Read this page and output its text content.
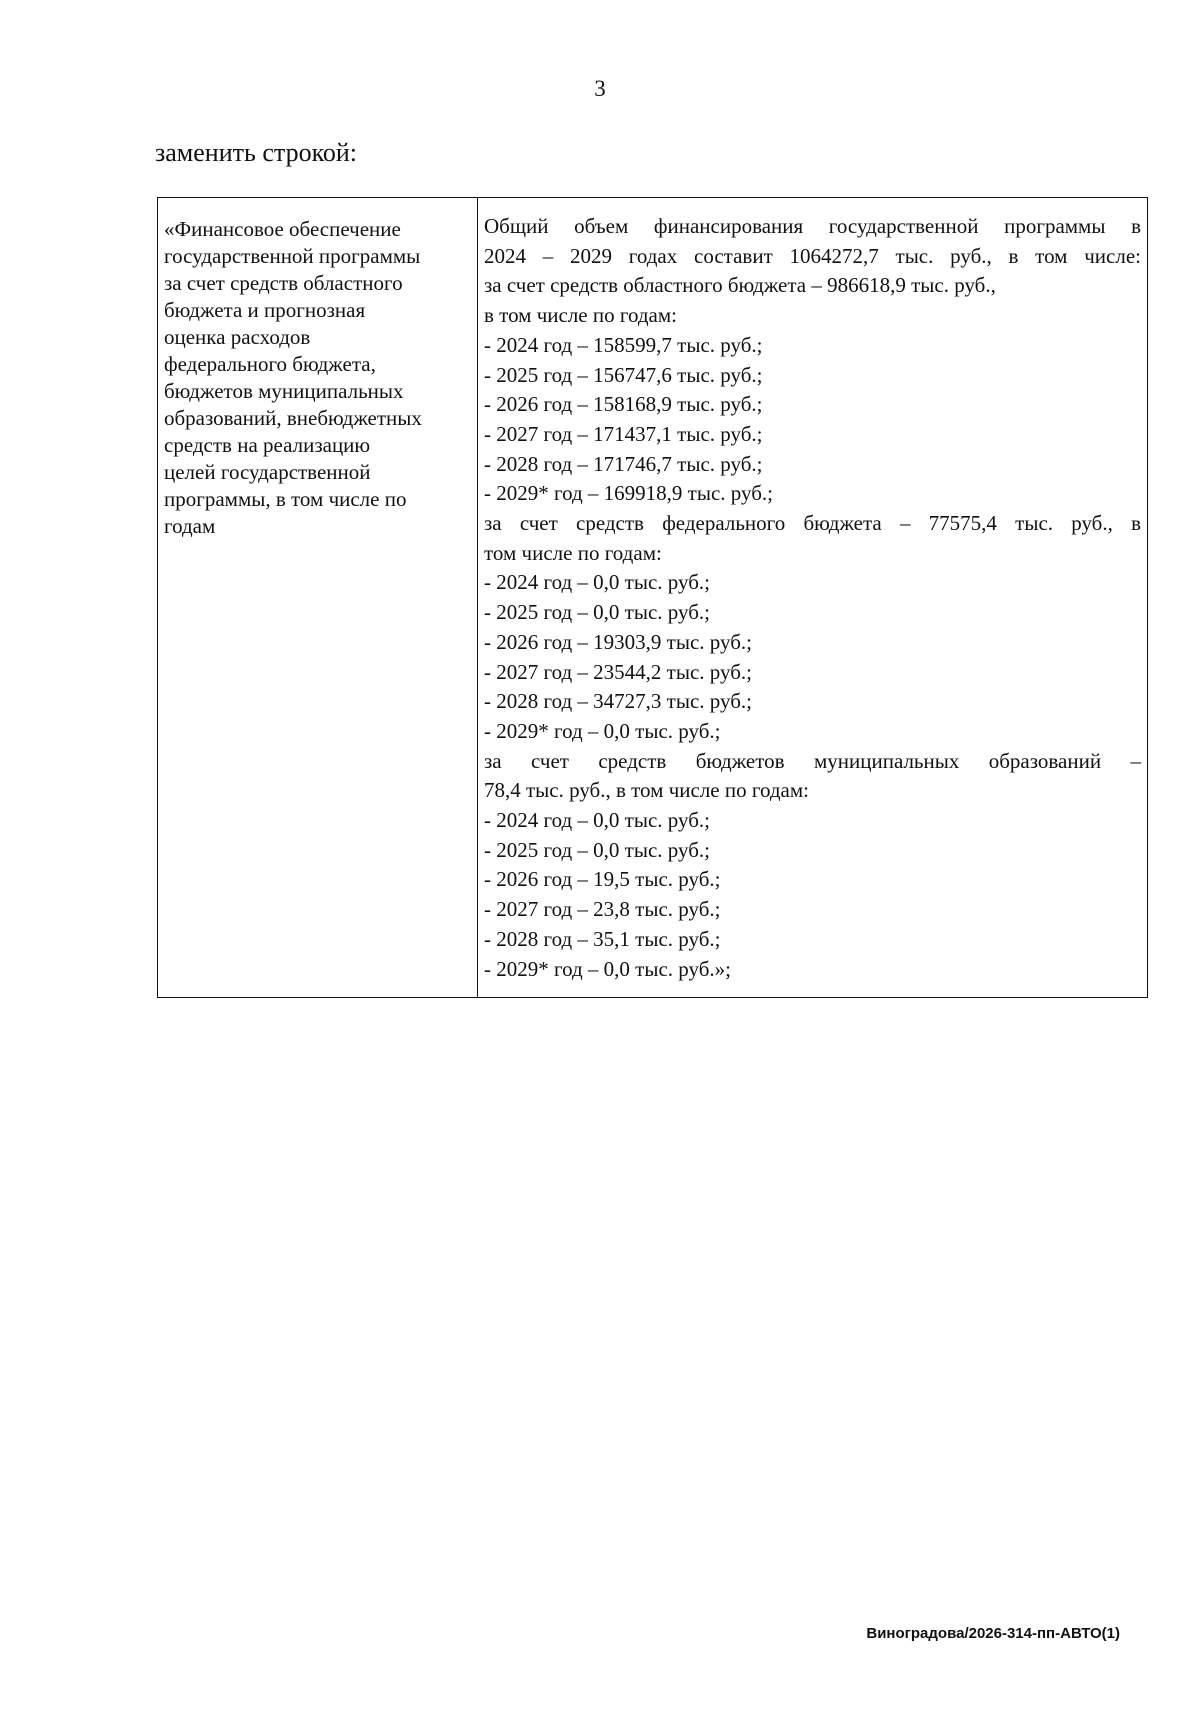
3
заменить строкой:
«Финансовое обеспечение
государственной программы
за счет средств областного
бюджета и прогнозная
оценка расходов
федерального бюджета,
бюджетов муниципальных
образований, внебюджетных
средств на реализацию
целей государственной
программы, в том числе по
годам
Общий объем финансирования государственной программы в
2024 – 2029 годах составит 1064272,7 тыс. руб., в том числе:
за счет средств областного бюджета – 986618,9 тыс. руб.,
в том числе по годам:
- 2024 год – 158599,7 тыс. руб.;
- 2025 год – 156747,6 тыс. руб.;
- 2026 год – 158168,9 тыс. руб.;
- 2027 год – 171437,1 тыс. руб.;
- 2028 год – 171746,7 тыс. руб.;
- 2029* год – 169918,9 тыс. руб.;
за счет средств федерального бюджета – 77575,4 тыс. руб., в
том числе по годам:
- 2024 год – 0,0 тыс. руб.;
- 2025 год – 0,0 тыс. руб.;
- 2026 год – 19303,9 тыс. руб.;
- 2027 год – 23544,2 тыс. руб.;
- 2028 год – 34727,3 тыс. руб.;
- 2029* год – 0,0 тыс. руб.;
за счет средств бюджетов муниципальных образований –
78,4 тыс. руб., в том числе по годам:
- 2024 год – 0,0 тыс. руб.;
- 2025 год – 0,0 тыс. руб.;
- 2026 год – 19,5 тыс. руб.;
- 2027 год – 23,8 тыс. руб.;
- 2028 год – 35,1 тыс. руб.;
- 2029* год – 0,0 тыс. руб.»;
Виноградова/2026-314-пп-АВТО(1)
